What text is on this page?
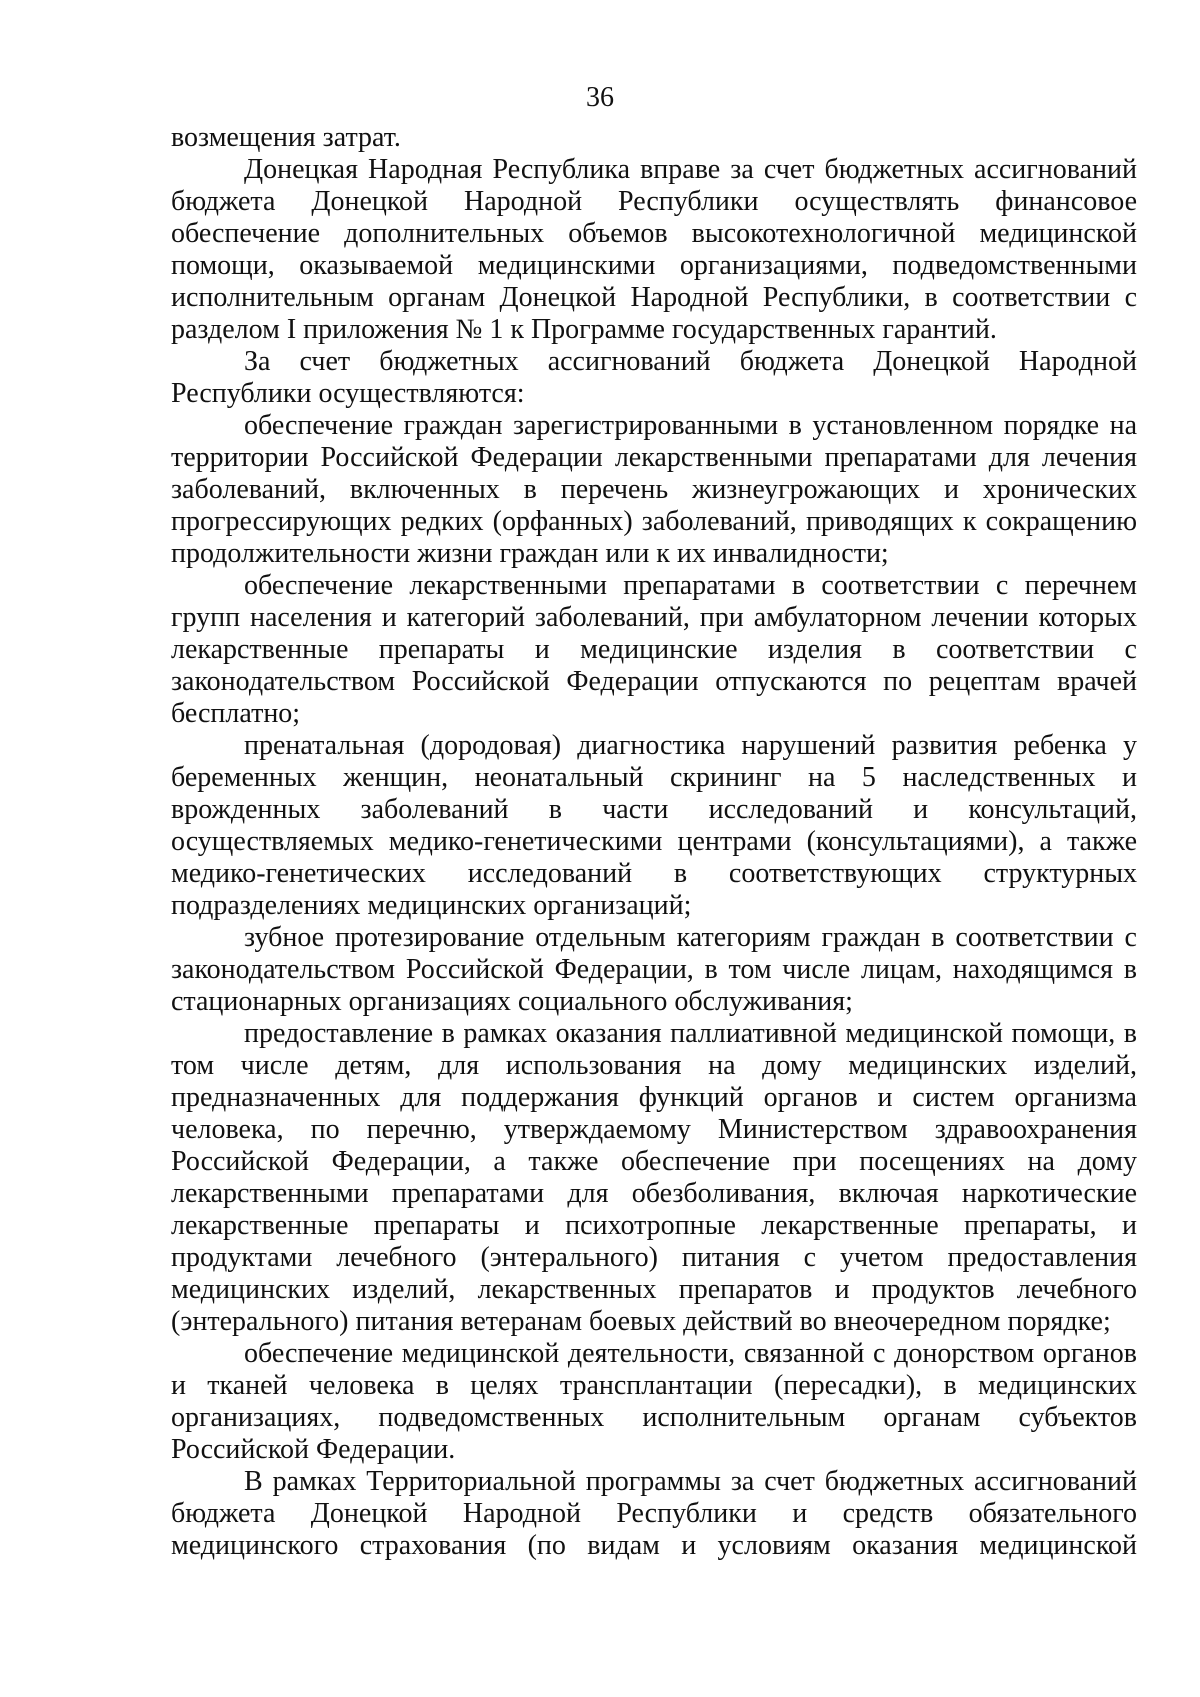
36

возмещения затрат.

Донецкая Народная Республика вправе за счет бюджетных ассигнований бюджета Донецкой Народной Республики осуществлять финансовое обеспечение дополнительных объемов высокотехнологичной медицинской помощи, оказываемой медицинскими организациями, подведомственными исполнительным органам Донецкой Народной Республики, в соответствии с разделом I приложения № 1 к Программе государственных гарантий.

За счет бюджетных ассигнований бюджета Донецкой Народной Республики осуществляются:

обеспечение граждан зарегистрированными в установленном порядке на территории Российской Федерации лекарственными препаратами для лечения заболеваний, включенных в перечень жизнеугрожающих и хронических прогрессирующих редких (орфанных) заболеваний, приводящих к сокращению продолжительности жизни граждан или к их инвалидности;

обеспечение лекарственными препаратами в соответствии с перечнем групп населения и категорий заболеваний, при амбулаторном лечении которых лекарственные препараты и медицинские изделия в соответствии с законодательством Российской Федерации отпускаются по рецептам врачей бесплатно;

пренатальная (дородовая) диагностика нарушений развития ребенка у беременных женщин, неонатальный скрининг на 5 наследственных и врожденных заболеваний в части исследований и консультаций, осуществляемых медико-генетическими центрами (консультациями), а также медико-генетических исследований в соответствующих структурных подразделениях медицинских организаций;

зубное протезирование отдельным категориям граждан в соответствии с законодательством Российской Федерации, в том числе лицам, находящимся в стационарных организациях социального обслуживания;

предоставление в рамках оказания паллиативной медицинской помощи, в том числе детям, для использования на дому медицинских изделий, предназначенных для поддержания функций органов и систем организма человека, по перечню, утверждаемому Министерством здравоохранения Российской Федерации, а также обеспечение при посещениях на дому лекарственными препаратами для обезболивания, включая наркотические лекарственные препараты и психотропные лекарственные препараты, и продуктами лечебного (энтерального) питания с учетом предоставления медицинских изделий, лекарственных препаратов и продуктов лечебного (энтерального) питания ветеранам боевых действий во внеочередном порядке;

обеспечение медицинской деятельности, связанной с донорством органов и тканей человека в целях трансплантации (пересадки), в медицинских организациях, подведомственных исполнительным органам субъектов Российской Федерации.

В рамках Территориальной программы за счет бюджетных ассигнований бюджета Донецкой Народной Республики и средств обязательного медицинского страхования (по видам и условиям оказания медицинской
